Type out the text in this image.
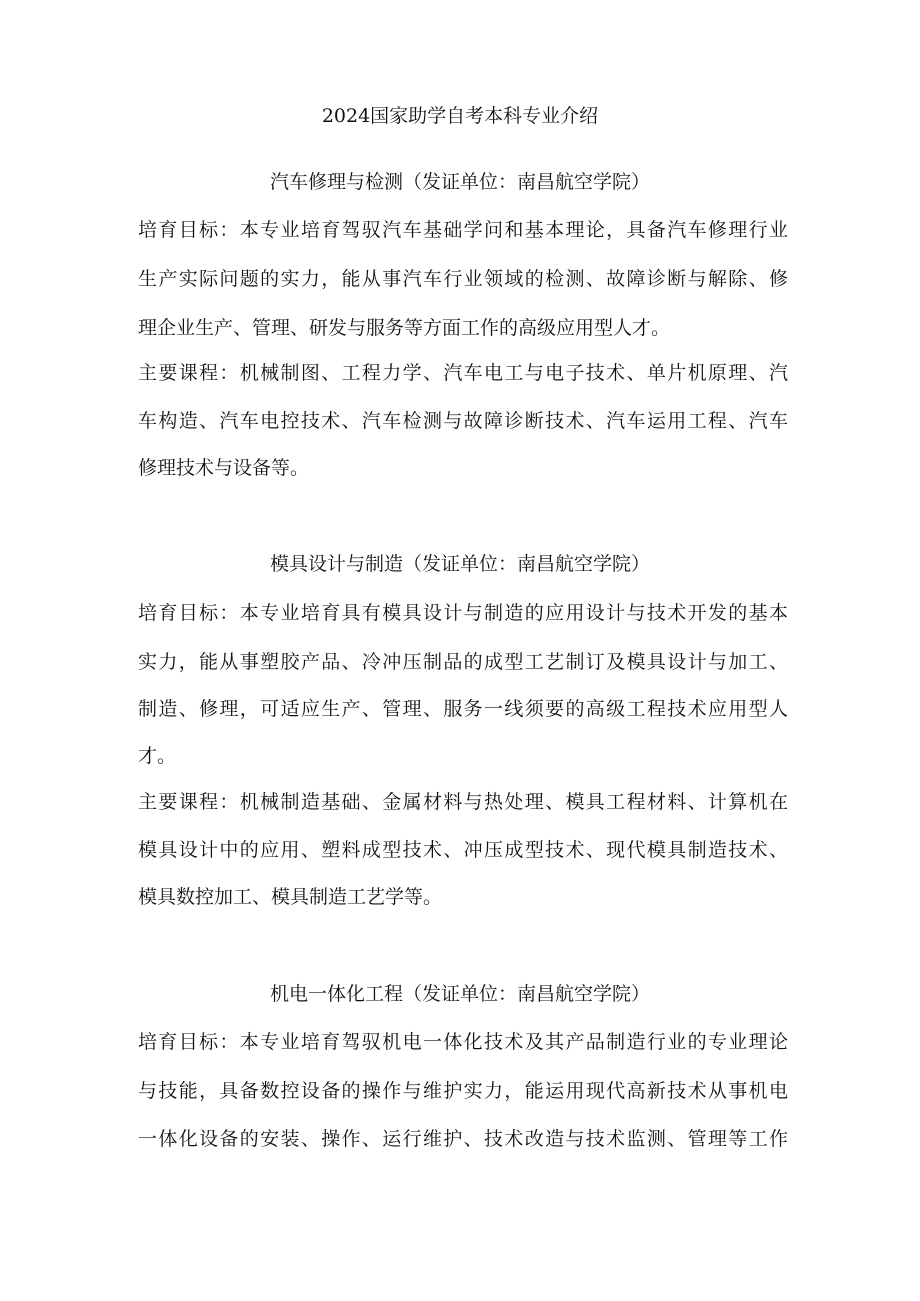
2024国家助学自考本科专业介绍
汽车修理与检测（发证单位：南昌航空学院）

培育目标：本专业培育驾驭汽车基础学问和基本理论，具备汽车修理行业

生产实际问题的实力，能从事汽车行业领域的检测、故障诊断与解除、修

理企业生产、管理、研发与服务等方面工作的高级应用型人才。

主要课程：机械制图、工程力学、汽车电工与电子技术、单片机原理、汽

车构造、汽车电控技术、汽车检测与故障诊断技术、汽车运用工程、汽车

修理技术与设备等。

模具设计与制造（发证单位：南昌航空学院）

培育目标：本专业培育具有模具设计与制造的应用设计与技术开发的基本

实力，能从事塑胶产品、冷冲压制品的成型工艺制订及模具设计与加工、

制造、修理，可适应生产、管理、服务一线须要的高级工程技术应用型人

才。

主要课程：机械制造基础、金属材料与热处理、模具工程材料、计算机在

模具设计中的应用、塑料成型技术、冲压成型技术、现代模具制造技术、

模具数控加工、模具制造工艺学等。

机电一体化工程（发证单位：南昌航空学院）

培育目标：本专业培育驾驭机电一体化技术及其产品制造行业的专业理论

与技能，具备数控设备的操作与维护实力，能运用现代高新技术从事机电

一体化设备的安装、操作、运行维护、技术改造与技术监测、管理等工作
